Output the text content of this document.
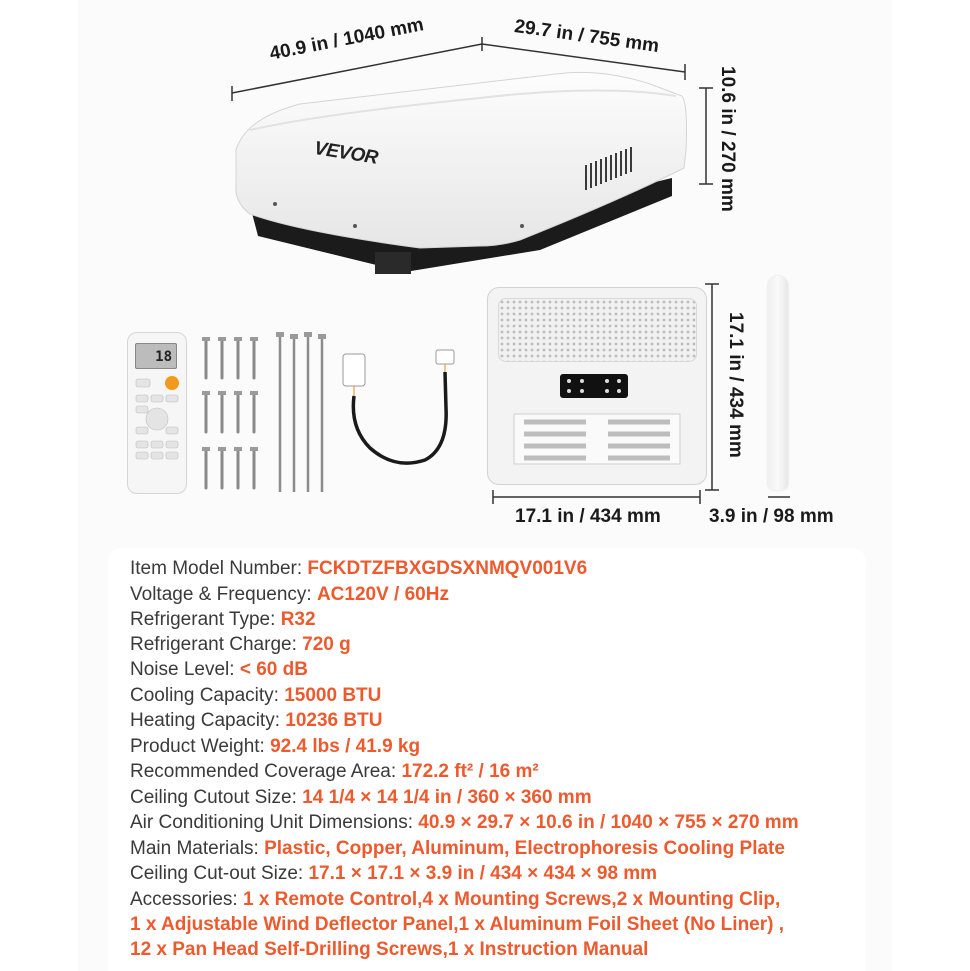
40.9 in / 1040 mm	29.7 in / 755 mm
10.6 in / 270 mm
17.1 in / 434 mm
17.1 in / 434 mm	3.9 in / 98 mm
VEVOR
18
Item Model Number: FCKDTZFBXGDSXNMQV001V6
Voltage & Frequency: AC120V / 60Hz
Refrigerant Type: R32
Refrigerant Charge: 720 g
Noise Level: < 60 dB
Cooling Capacity: 15000 BTU
Heating Capacity: 10236 BTU
Product Weight: 92.4 lbs / 41.9 kg
Recommended Coverage Area: 172.2 ft² / 16 m²
Ceiling Cutout Size: 14 1/4 × 14 1/4 in / 360 × 360 mm
Air Conditioning Unit Dimensions: 40.9 × 29.7 × 10.6 in / 1040 × 755 × 270 mm
Main Materials: Plastic, Copper, Aluminum, Electrophoresis Cooling Plate
Ceiling Cut-out Size: 17.1 × 17.1 × 3.9 in / 434 × 434 × 98 mm
Accessories: 1 x Remote Control,4 x Mounting Screws,2 x Mounting Clip,
1 x Adjustable Wind Deflector Panel,1 x Aluminum Foil Sheet (No Liner) ,
12 x Pan Head Self-Drilling Screws,1 x Instruction Manual
